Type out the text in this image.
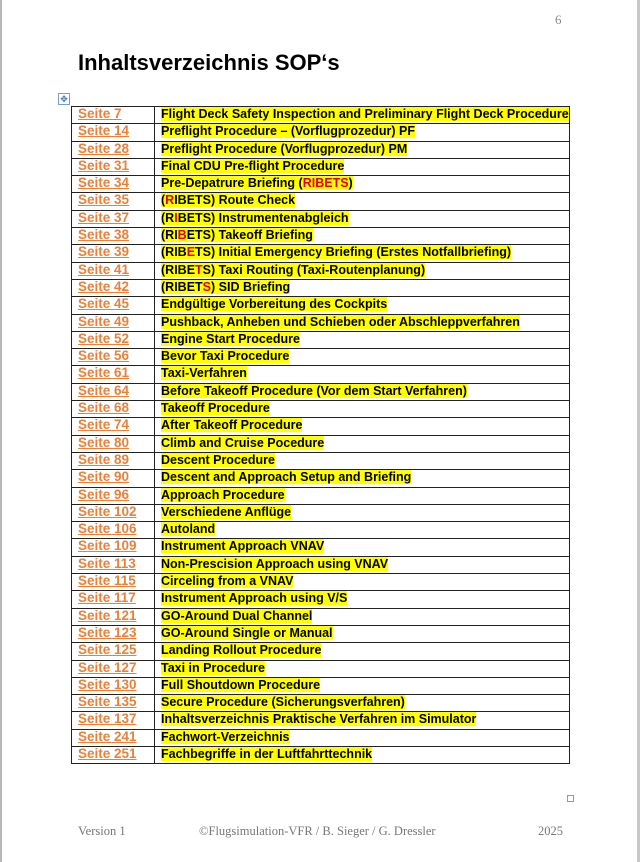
6
Inhaltsverzeichnis SOP‘s
✥
Seite 7	Flight Deck Safety Inspection and Preliminary Flight Deck Procedure
Seite 14	Preflight Procedure – (Vorflugprozedur) PF
Seite 28	Preflight Procedure (Vorflugprozedur) PM
Seite 31	Final CDU Pre-flight Procedure
Seite 34	Pre-Depatrure Briefing (RIBETS)
Seite 35	(RIBETS) Route Check
Seite 37	(RIBETS) Instrumentenabgleich
Seite 38	(RIBETS) Takeoff Briefing
Seite 39	(RIBETS) Initial Emergency Briefing (Erstes Notfallbriefing)
Seite 41	(RIBETS) Taxi Routing (Taxi-Routenplanung)
Seite 42	(RIBETS) SID Briefing
Seite 45	Endgültige Vorbereitung des Cockpits
Seite 49	Pushback, Anheben und Schieben oder Abschleppverfahren
Seite 52	Engine Start Procedure
Seite 56	Bevor Taxi Procedure
Seite 61	Taxi-Verfahren
Seite 64	Before Takeoff Procedure (Vor dem Start Verfahren)
Seite 68	Takeoff Procedure
Seite 74	After Takeoff Procedure
Seite 80	Climb and Cruise Pocedure
Seite 89	Descent Procedure
Seite 90	Descent and Approach Setup and Briefing
Seite 96	Approach Procedure
Seite 102	Verschiedene Anflüge
Seite 106	Autoland
Seite 109	Instrument Approach VNAV
Seite 113	Non-Prescision Approach using VNAV
Seite 115	Circeling from a VNAV
Seite 117	Instrument Approach using V/S
Seite 121	GO-Around Dual Channel
Seite 123	GO-Around Single or Manual
Seite 125	Landing Rollout Procedure
Seite 127	Taxi in Procedure
Seite 130	Full Shoutdown Procedure
Seite 135	Secure Procedure (Sicherungsverfahren)
Seite 137	Inhaltsverzeichnis Praktische Verfahren im Simulator
Seite 241	Fachwort-Verzeichnis
Seite 251	Fachbegriffe in der Luftfahrttechnik
Version 1	©Flugsimulation-VFR / B. Sieger / G. Dressler	2025
